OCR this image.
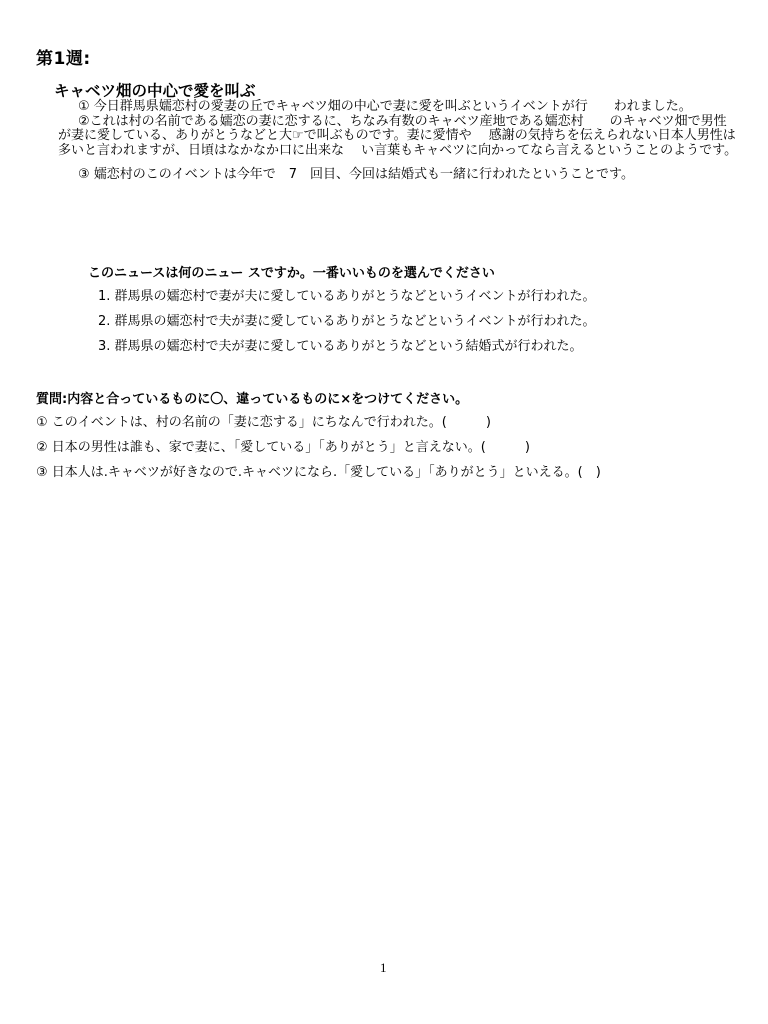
第1週:
キャベツ畑の中心で愛を叫ぶ

① 今日群馬県嬬恋村の愛妻の丘でキャベツ畑の中心で妻に愛を叫ぶというイベントが行　　われました。

②これは村の名前である嬬恋の妻に恋するに、ちなみ有数のキャベツ産地である嬬恋村　　のキャベツ畑で男性が妻に愛している、ありがとうなどと大☞で叫ぶものです。妻に愛情や　 感謝の気持ちを伝えられない日本人男性は多いと言われますが、日頃はなかなか口に出来な　 い言葉もキャベツに向かってなら言えるということのようです。

③ 嬬恋村のこのイベントは今年で　7　回目、今回は結婚式も一緒に行われたということです。

このニュースは何のニュー スですか。一番いいものを選んでください
1. 群馬県の嬬恋村で妻が夫に愛しているありがとうなどというイベントが行われた。
2. 群馬県の嬬恋村で夫が妻に愛しているありがとうなどというイベントが行われた。
3. 群馬県の嬬恋村で夫が妻に愛しているありがとうなどという結婚式が行われた。
質問:内容と合っているものに〇、違っているものに×をつけてください。
① このイベントは、村の名前の「妻に恋する」にちなんで行われた。(　　　)
② 日本の男性は誰も、家で妻に、「愛している」「ありがとう」と言えない。(　　　)
③ 日本人は.キャベツが好きなので.キャベツになら.「愛している」「ありがとう」といえる。(　)
1
